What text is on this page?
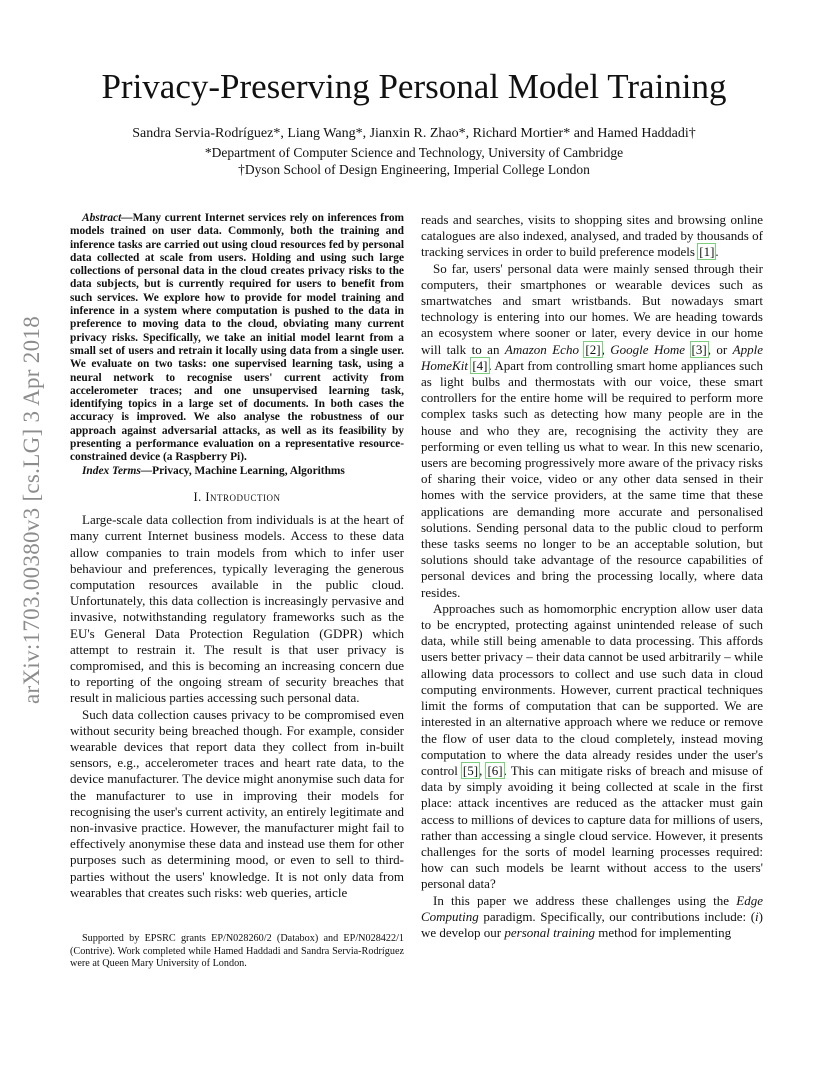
arXiv:1703.00380v3 [cs.LG] 3 Apr 2018
Privacy-Preserving Personal Model Training
Sandra Servia-Rodríguez*, Liang Wang*, Jianxin R. Zhao*, Richard Mortier* and Hamed Haddadi†
*Department of Computer Science and Technology, University of Cambridge
†Dyson School of Design Engineering, Imperial College London

Abstract—Many current Internet services rely on inferences from models trained on user data. Commonly, both the training and inference tasks are carried out using cloud resources fed by personal data collected at scale from users. Holding and using such large collections of personal data in the cloud creates privacy risks to the data subjects, but is currently required for users to benefit from such services. We explore how to provide for model training and inference in a system where computation is pushed to the data in preference to moving data to the cloud, obviating many current privacy risks. Specifically, we take an initial model learnt from a small set of users and retrain it locally using data from a single user. We evaluate on two tasks: one supervised learning task, using a neural network to recognise users' current activity from accelerometer traces; and one unsupervised learning task, identifying topics in a large set of documents. In both cases the accuracy is improved. We also analyse the robustness of our approach against adversarial attacks, as well as its feasibility by presenting a performance evaluation on a representative resource-constrained device (a Raspberry Pi).

Index Terms—Privacy, Machine Learning, Algorithms

I. Introduction

Large-scale data collection from individuals is at the heart of many current Internet business models. Access to these data allow companies to train models from which to infer user behaviour and preferences, typically leveraging the generous computation resources available in the public cloud. Unfortunately, this data collection is increasingly pervasive and invasive, notwithstanding regulatory frameworks such as the EU's General Data Protection Regulation (GDPR) which attempt to restrain it. The result is that user privacy is compromised, and this is becoming an increasing concern due to reporting of the ongoing stream of security breaches that result in malicious parties accessing such personal data.

Such data collection causes privacy to be compromised even without security being breached though. For example, consider wearable devices that report data they collect from in-built sensors, e.g., accelerometer traces and heart rate data, to the device manufacturer. The device might anonymise such data for the manufacturer to use in improving their models for recognising the user's current activity, an entirely legitimate and non-invasive practice. However, the manufacturer might fail to effectively anonymise these data and instead use them for other purposes such as determining mood, or even to sell to third-parties without the users' knowledge. It is not only data from wearables that creates such risks: web queries, article

Supported by EPSRC grants EP/N028260/2 (Databox) and EP/N028422/1 (Contrive). Work completed while Hamed Haddadi and Sandra Servia-Rodríguez were at Queen Mary University of London.

reads and searches, visits to shopping sites and browsing online catalogues are also indexed, analysed, and traded by thousands of tracking services in order to build preference models [1].

So far, users' personal data were mainly sensed through their computers, their smartphones or wearable devices such as smartwatches and smart wristbands. But nowadays smart technology is entering into our homes. We are heading towards an ecosystem where sooner or later, every device in our home will talk to an Amazon Echo [2], Google Home [3], or Apple HomeKit [4]. Apart from controlling smart home appliances such as light bulbs and thermostats with our voice, these smart controllers for the entire home will be required to perform more complex tasks such as detecting how many people are in the house and who they are, recognising the activity they are performing or even telling us what to wear. In this new scenario, users are becoming progressively more aware of the privacy risks of sharing their voice, video or any other data sensed in their homes with the service providers, at the same time that these applications are demanding more accurate and personalised solutions. Sending personal data to the public cloud to perform these tasks seems no longer to be an acceptable solution, but solutions should take advantage of the resource capabilities of personal devices and bring the processing locally, where data resides.

Approaches such as homomorphic encryption allow user data to be encrypted, protecting against unintended release of such data, while still being amenable to data processing. This affords users better privacy – their data cannot be used arbitrarily – while allowing data processors to collect and use such data in cloud computing environments. However, current practical techniques limit the forms of computation that can be supported. We are interested in an alternative approach where we reduce or remove the flow of user data to the cloud completely, instead moving computation to where the data already resides under the user's control [5], [6]. This can mitigate risks of breach and misuse of data by simply avoiding it being collected at scale in the first place: attack incentives are reduced as the attacker must gain access to millions of devices to capture data for millions of users, rather than accessing a single cloud service. However, it presents challenges for the sorts of model learning processes required: how can such models be learnt without access to the users' personal data?

In this paper we address these challenges using the Edge Computing paradigm. Specifically, our contributions include: (i) we develop our personal training method for implementing
